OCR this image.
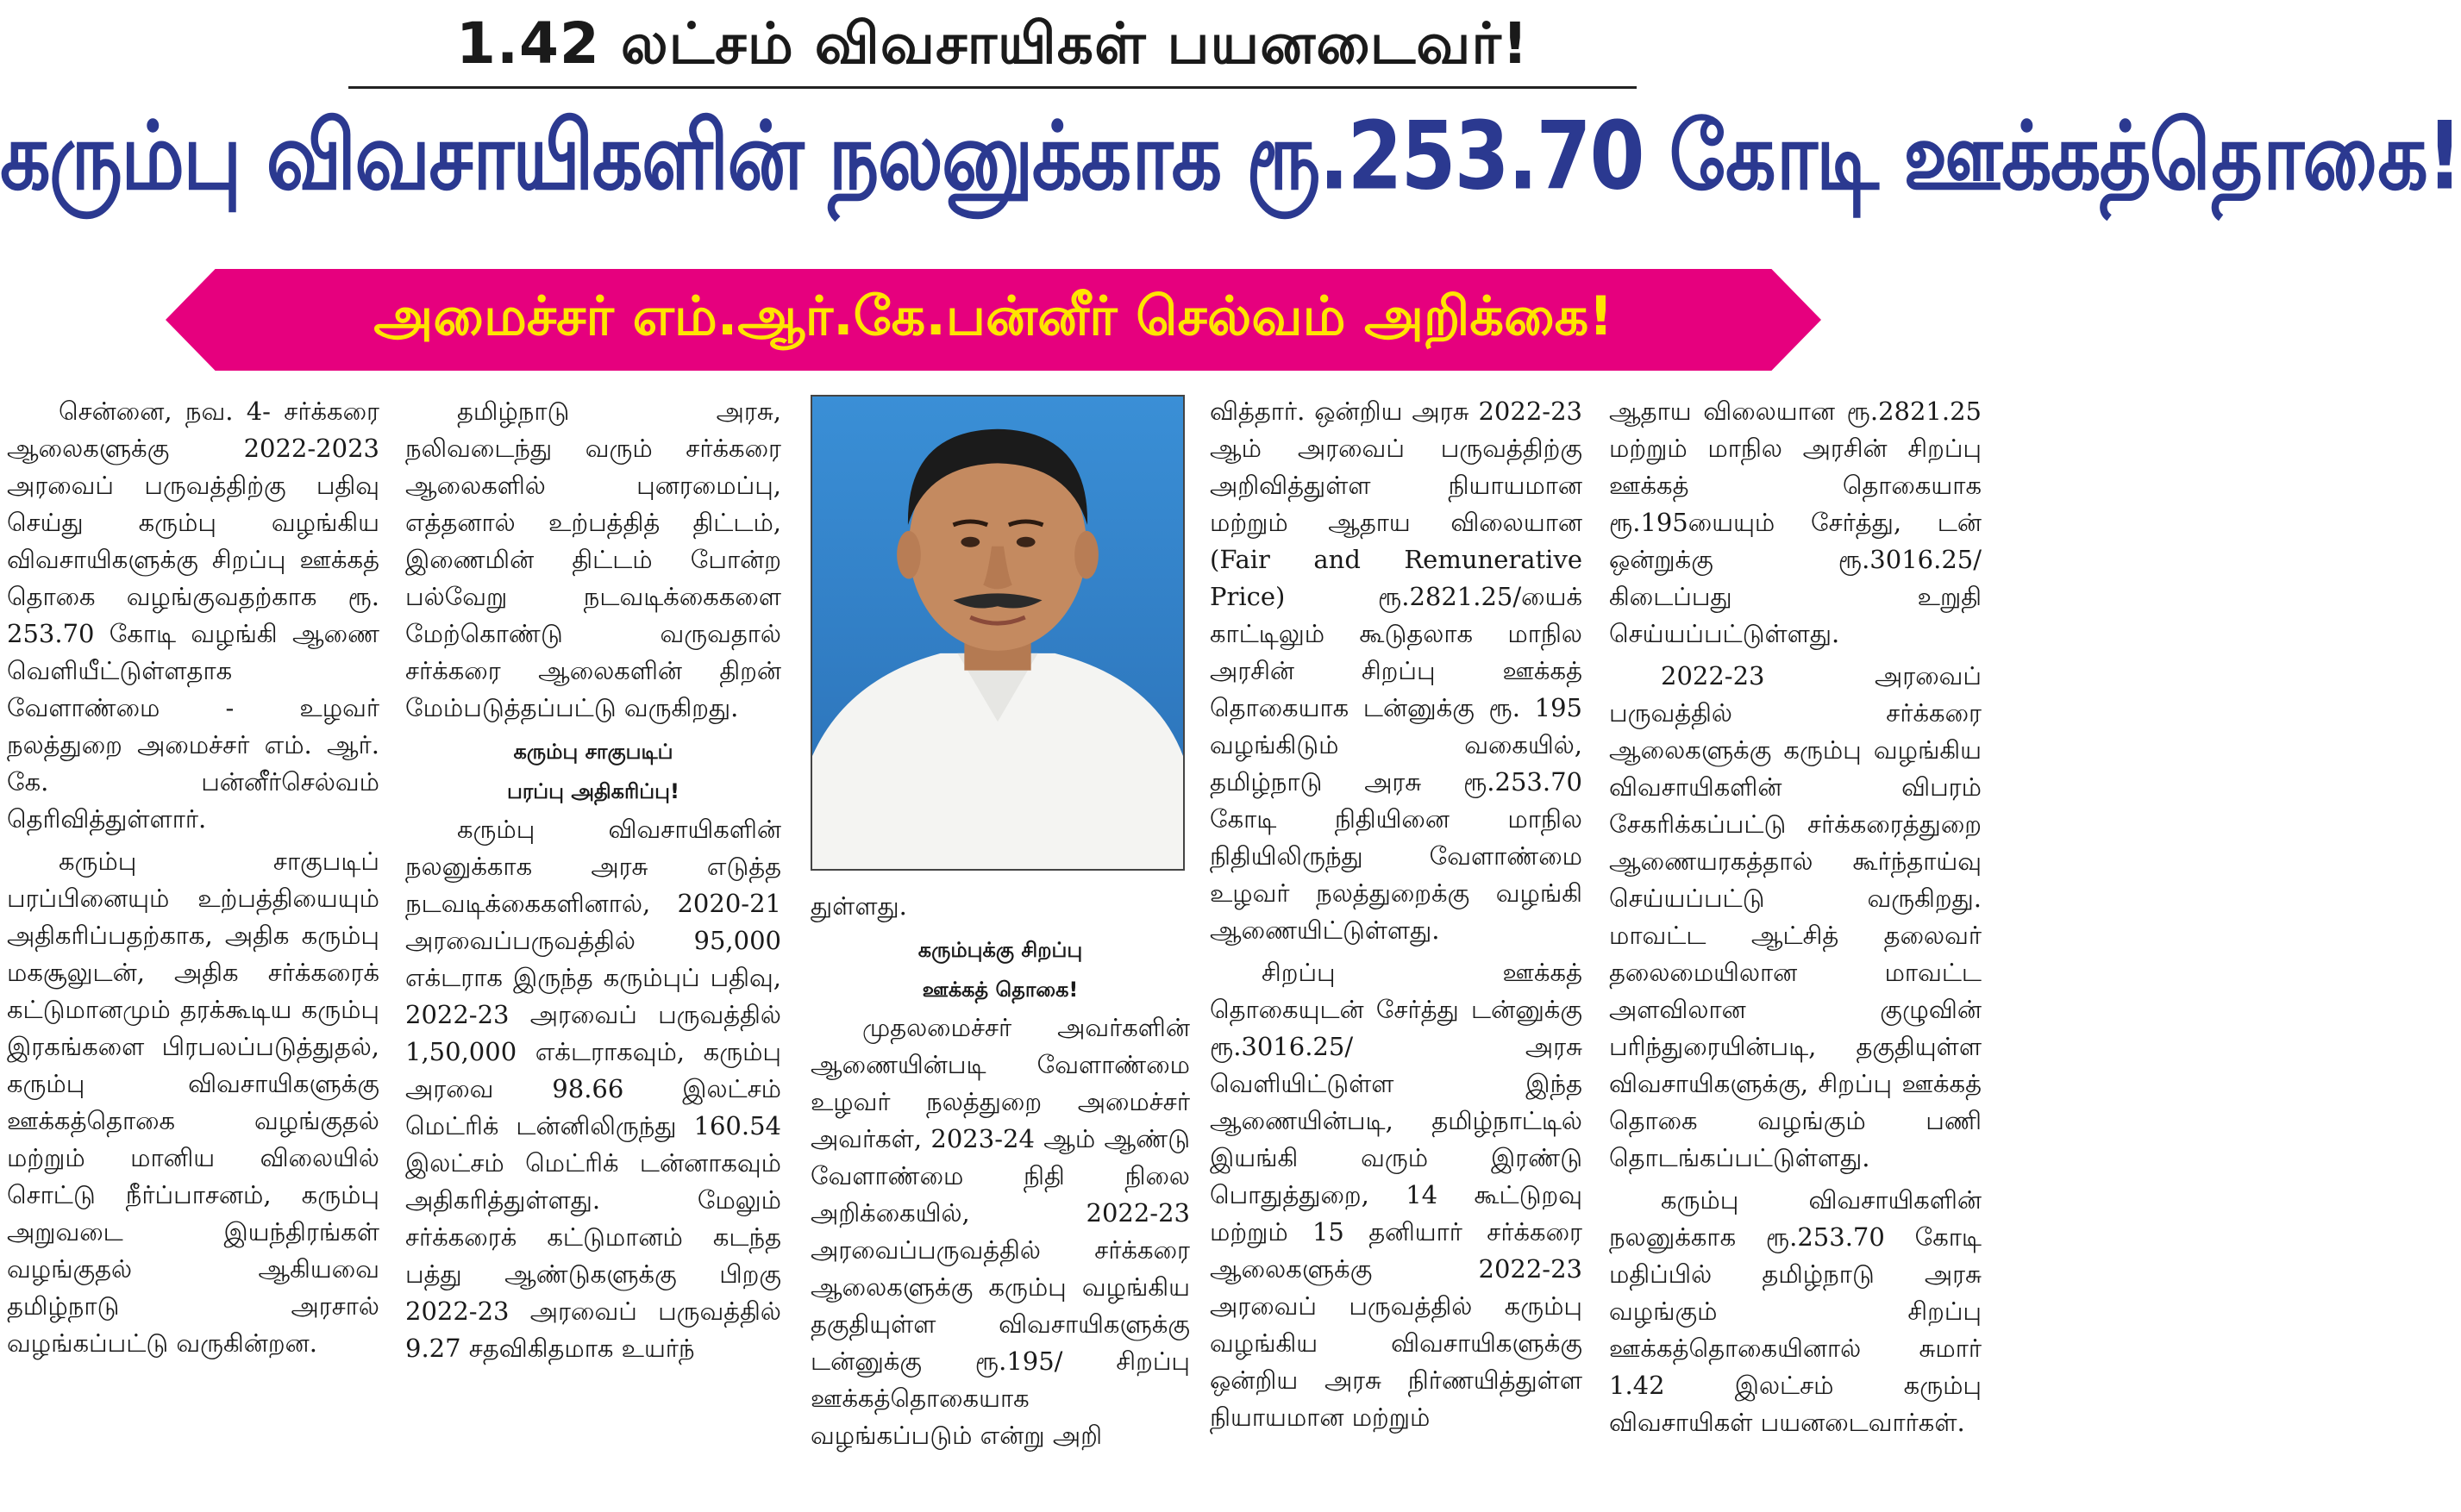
1.42 லட்சம் விவசாயிகள் பயனடைவர்!
கரும்பு விவசாயிகளின் நலனுக்காக ரூ.253.70 கோடி ஊக்கத்தொகை!
அமைச்சர் எம்.ஆர்.கே.பன்னீர் செல்வம் அறிக்கை!

சென்னை, நவ. 4- சர்க்கரை ஆலைகளுக்கு 2022-2023 அரவைப் பருவத்திற்கு பதிவு செய்து கரும்பு வழங்கிய விவசாயிகளுக்கு சிறப்பு ஊக்கத் தொகை வழங்குவதற்காக ரூ. 253.70 கோடி வழங்கி ஆணை வெளியீட்டுள்ளதாக வேளாண்மை - உழவர் நலத்துறை அமைச்சர் எம். ஆர். கே. பன்னீர்செல்வம் தெரிவித்துள்ளார்.

கரும்பு சாகுபடிப் பரப்பினையும் உற்பத்தியையும் அதிகரிப்பதற்காக, அதிக கரும்பு மகசூலுடன், அதிக சர்க்கரைக் கட்டுமானமும் தரக்கூடிய கரும்பு இரகங்களை பிரபலப்படுத்துதல், கரும்பு விவசாயிகளுக்கு ஊக்கத்தொகை வழங்குதல் மற்றும் மானிய விலையில் சொட்டு நீர்ப்பாசனம், கரும்பு அறுவடை இயந்திரங்கள் வழங்குதல் ஆகியவை தமிழ்நாடு அரசால் வழங்கப்பட்டு வருகின்றன.

தமிழ்நாடு அரசு, நலிவடைந்து வரும் சர்க்கரை ஆலைகளில் புனரமைப்பு, எத்தனால் உற்பத்தித் திட்டம், இணைமின் திட்டம் போன்ற பல்வேறு நடவடிக்கைகளை மேற்கொண்டு வருவதால் சர்க்கரை ஆலைகளின் திறன் மேம்படுத்தப்பட்டு வருகிறது.

கரும்பு சாகுபடிப்
பரப்பு அதிகரிப்பு!

கரும்பு விவசாயிகளின் நலனுக்காக அரசு எடுத்த நடவடிக்கைகளினால், 2020-21 அரவைப்பருவத்தில் 95,000 எக்டராக இருந்த கரும்புப் பதிவு, 2022-23 அரவைப் பருவத்தில் 1,50,000 எக்டராகவும், கரும்பு அரவை 98.66 இலட்சம் மெட்ரிக் டன்னிலிருந்து 160.54 இலட்சம் மெட்ரிக் டன்னாகவும் அதிகரித்துள்ளது. மேலும் சர்க்கரைக் கட்டுமானம் கடந்த பத்து ஆண்டுகளுக்கு பிறகு 2022-23 அரவைப் பருவத்தில் 9.27 சதவிகிதமாக உயர்ந்

துள்ளது.

கரும்புக்கு சிறப்பு
ஊக்கத் தொகை!

முதலமைச்சர் அவர்களின் ஆணையின்படி வேளாண்மை உழவர் நலத்துறை அமைச்சர் அவர்கள், 2023-24 ஆம் ஆண்டு வேளாண்மை நிதி நிலை அறிக்கையில், 2022-23 அரவைப்பருவத்தில் சர்க்கரை ஆலைகளுக்கு கரும்பு வழங்கிய தகுதியுள்ள விவசாயிகளுக்கு டன்னுக்கு ரூ.195/ சிறப்பு ஊக்கத்தொகையாக வழங்கப்படும் என்று அறி

வித்தார். ஒன்றிய அரசு 2022-23 ஆம் அரவைப் பருவத்திற்கு அறிவித்துள்ள நியாயமான மற்றும் ஆதாய விலையான (Fair and Remunerative Price) ரூ.2821.25/யைக் காட்டிலும் கூடுதலாக மாநில அரசின் சிறப்பு ஊக்கத் தொகையாக டன்னுக்கு ரூ. 195 வழங்கிடும் வகையில், தமிழ்நாடு அரசு ரூ.253.70 கோடி நிதியினை மாநில நிதியிலிருந்து வேளாண்மை உழவர் நலத்துறைக்கு வழங்கி ஆணையிட்டுள்ளது.

சிறப்பு ஊக்கத் தொகையுடன் சேர்த்து டன்னுக்கு ரூ.3016.25/ அரசு வெளியிட்டுள்ள இந்த ஆணையின்படி, தமிழ்நாட்டில் இயங்கி வரும் இரண்டு பொதுத்துறை, 14 கூட்டுறவு மற்றும் 15 தனியார் சர்க்கரை ஆலைகளுக்கு 2022-23 அரவைப் பருவத்தில் கரும்பு வழங்கிய விவசாயிகளுக்கு ஒன்றிய அரசு நிர்ணயித்துள்ள நியாயமான மற்றும்

ஆதாய விலையான ரூ.2821.25 மற்றும் மாநில அரசின் சிறப்பு ஊக்கத் தொகையாக ரூ.195யையும் சேர்த்து, டன் ஒன்றுக்கு ரூ.3016.25/ கிடைப்பது உறுதி செய்யப்பட்டுள்ளது.

2022-23 அரவைப் பருவத்தில் சர்க்கரை ஆலைகளுக்கு கரும்பு வழங்கிய விவசாயிகளின் விபரம் சேகரிக்கப்பட்டு சர்க்கரைத்துறை ஆணையரகத்தால் கூர்ந்தாய்வு செய்யப்பட்டு வருகிறது. மாவட்ட ஆட்சித் தலைவர் தலைமையிலான மாவட்ட அளவிலான குழுவின் பரிந்துரையின்படி, தகுதியுள்ள விவசாயிகளுக்கு, சிறப்பு ஊக்கத் தொகை வழங்கும் பணி தொடங்கப்பட்டுள்ளது.

கரும்பு விவசாயிகளின் நலனுக்காக ரூ.253.70 கோடி மதிப்பில் தமிழ்நாடு அரசு வழங்கும் சிறப்பு ஊக்கத்தொகையினால் சுமார் 1.42 இலட்சம் கரும்பு விவசாயிகள் பயனடைவார்கள்.
